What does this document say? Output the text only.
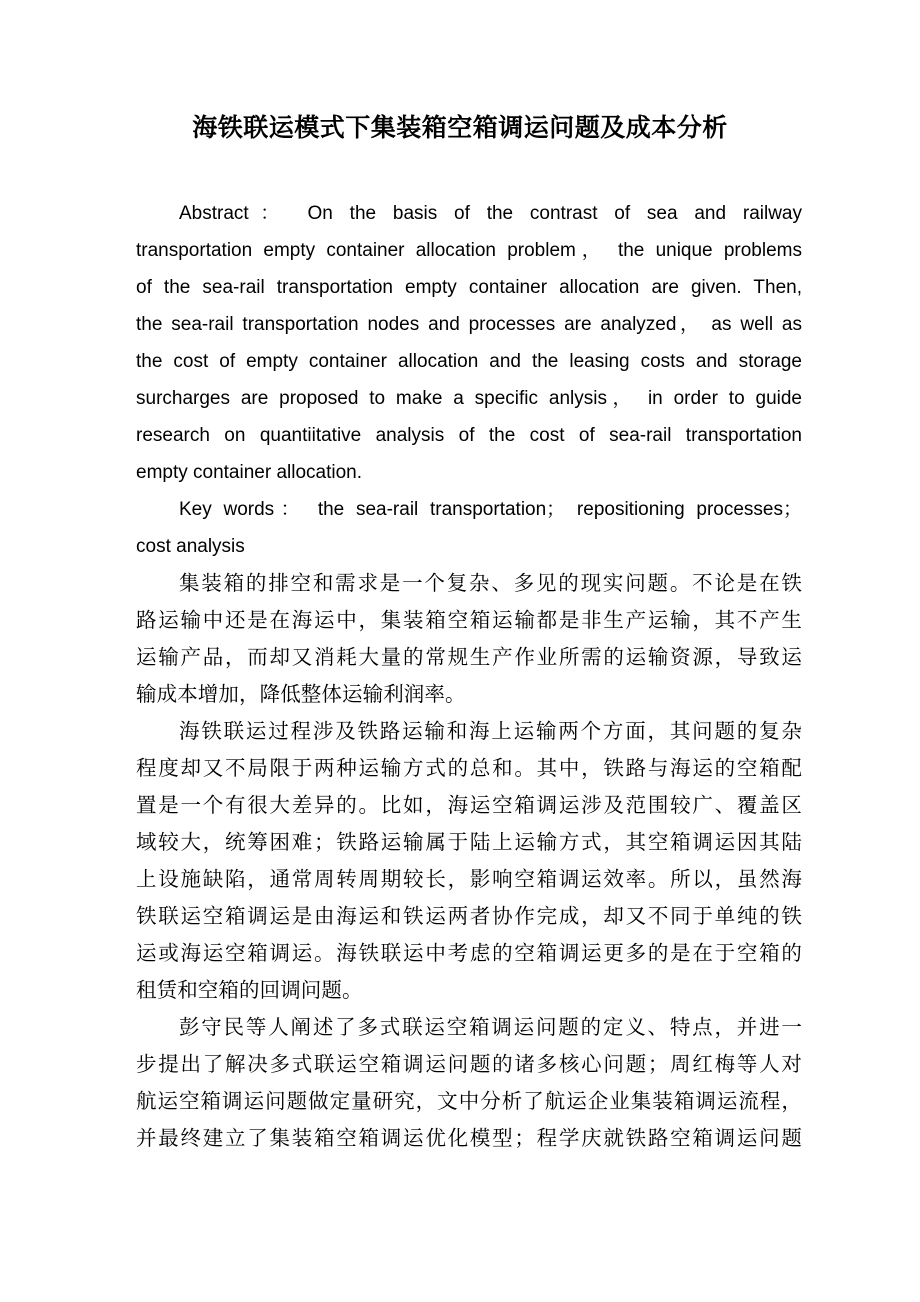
海铁联运模式下集装箱空箱调运问题及成本分析
Abstract： On the basis of the contrast of sea and railway
transportation empty container allocation problem， the unique problems
of the sea-rail transportation empty container allocation are given. Then,
the sea-rail transportation nodes and processes are analyzed， as well as
the cost of empty container allocation and the leasing costs and storage
surcharges are proposed to make a specific anlysis， in order to guide
research on quantiitative analysis of the cost of sea-rail transportation
empty container allocation.
Key words： the sea-rail transportation； repositioning processes；
cost analysis
集装箱的排空和需求是一个复杂、多见的现实问题。不论是在铁
路运输中还是在海运中，集装箱空箱运输都是非生产运输，其不产生
运输产品，而却又消耗大量的常规生产作业所需的运输资源，导致运
输成本增加，降低整体运输利润率。
海铁联运过程涉及铁路运输和海上运输两个方面，其问题的复杂
程度却又不局限于两种运输方式的总和。其中，铁路与海运的空箱配
置是一个有很大差异的。比如，海运空箱调运涉及范围较广、覆盖区
域较大，统筹困难；铁路运输属于陆上运输方式，其空箱调运因其陆
上设施缺陷，通常周转周期较长，影响空箱调运效率。所以，虽然海
铁联运空箱调运是由海运和铁运两者协作完成，却又不同于单纯的铁
运或海运空箱调运。海铁联运中考虑的空箱调运更多的是在于空箱的
租赁和空箱的回调问题。
彭守民等人阐述了多式联运空箱调运问题的定义、特点，并进一
步提出了解决多式联运空箱调运问题的诸多核心问题；周红梅等人对
航运空箱调运问题做定量研究，文中分析了航运企业集装箱调运流程，
并最终建立了集装箱空箱调运优化模型；程学庆就铁路空箱调运问题
